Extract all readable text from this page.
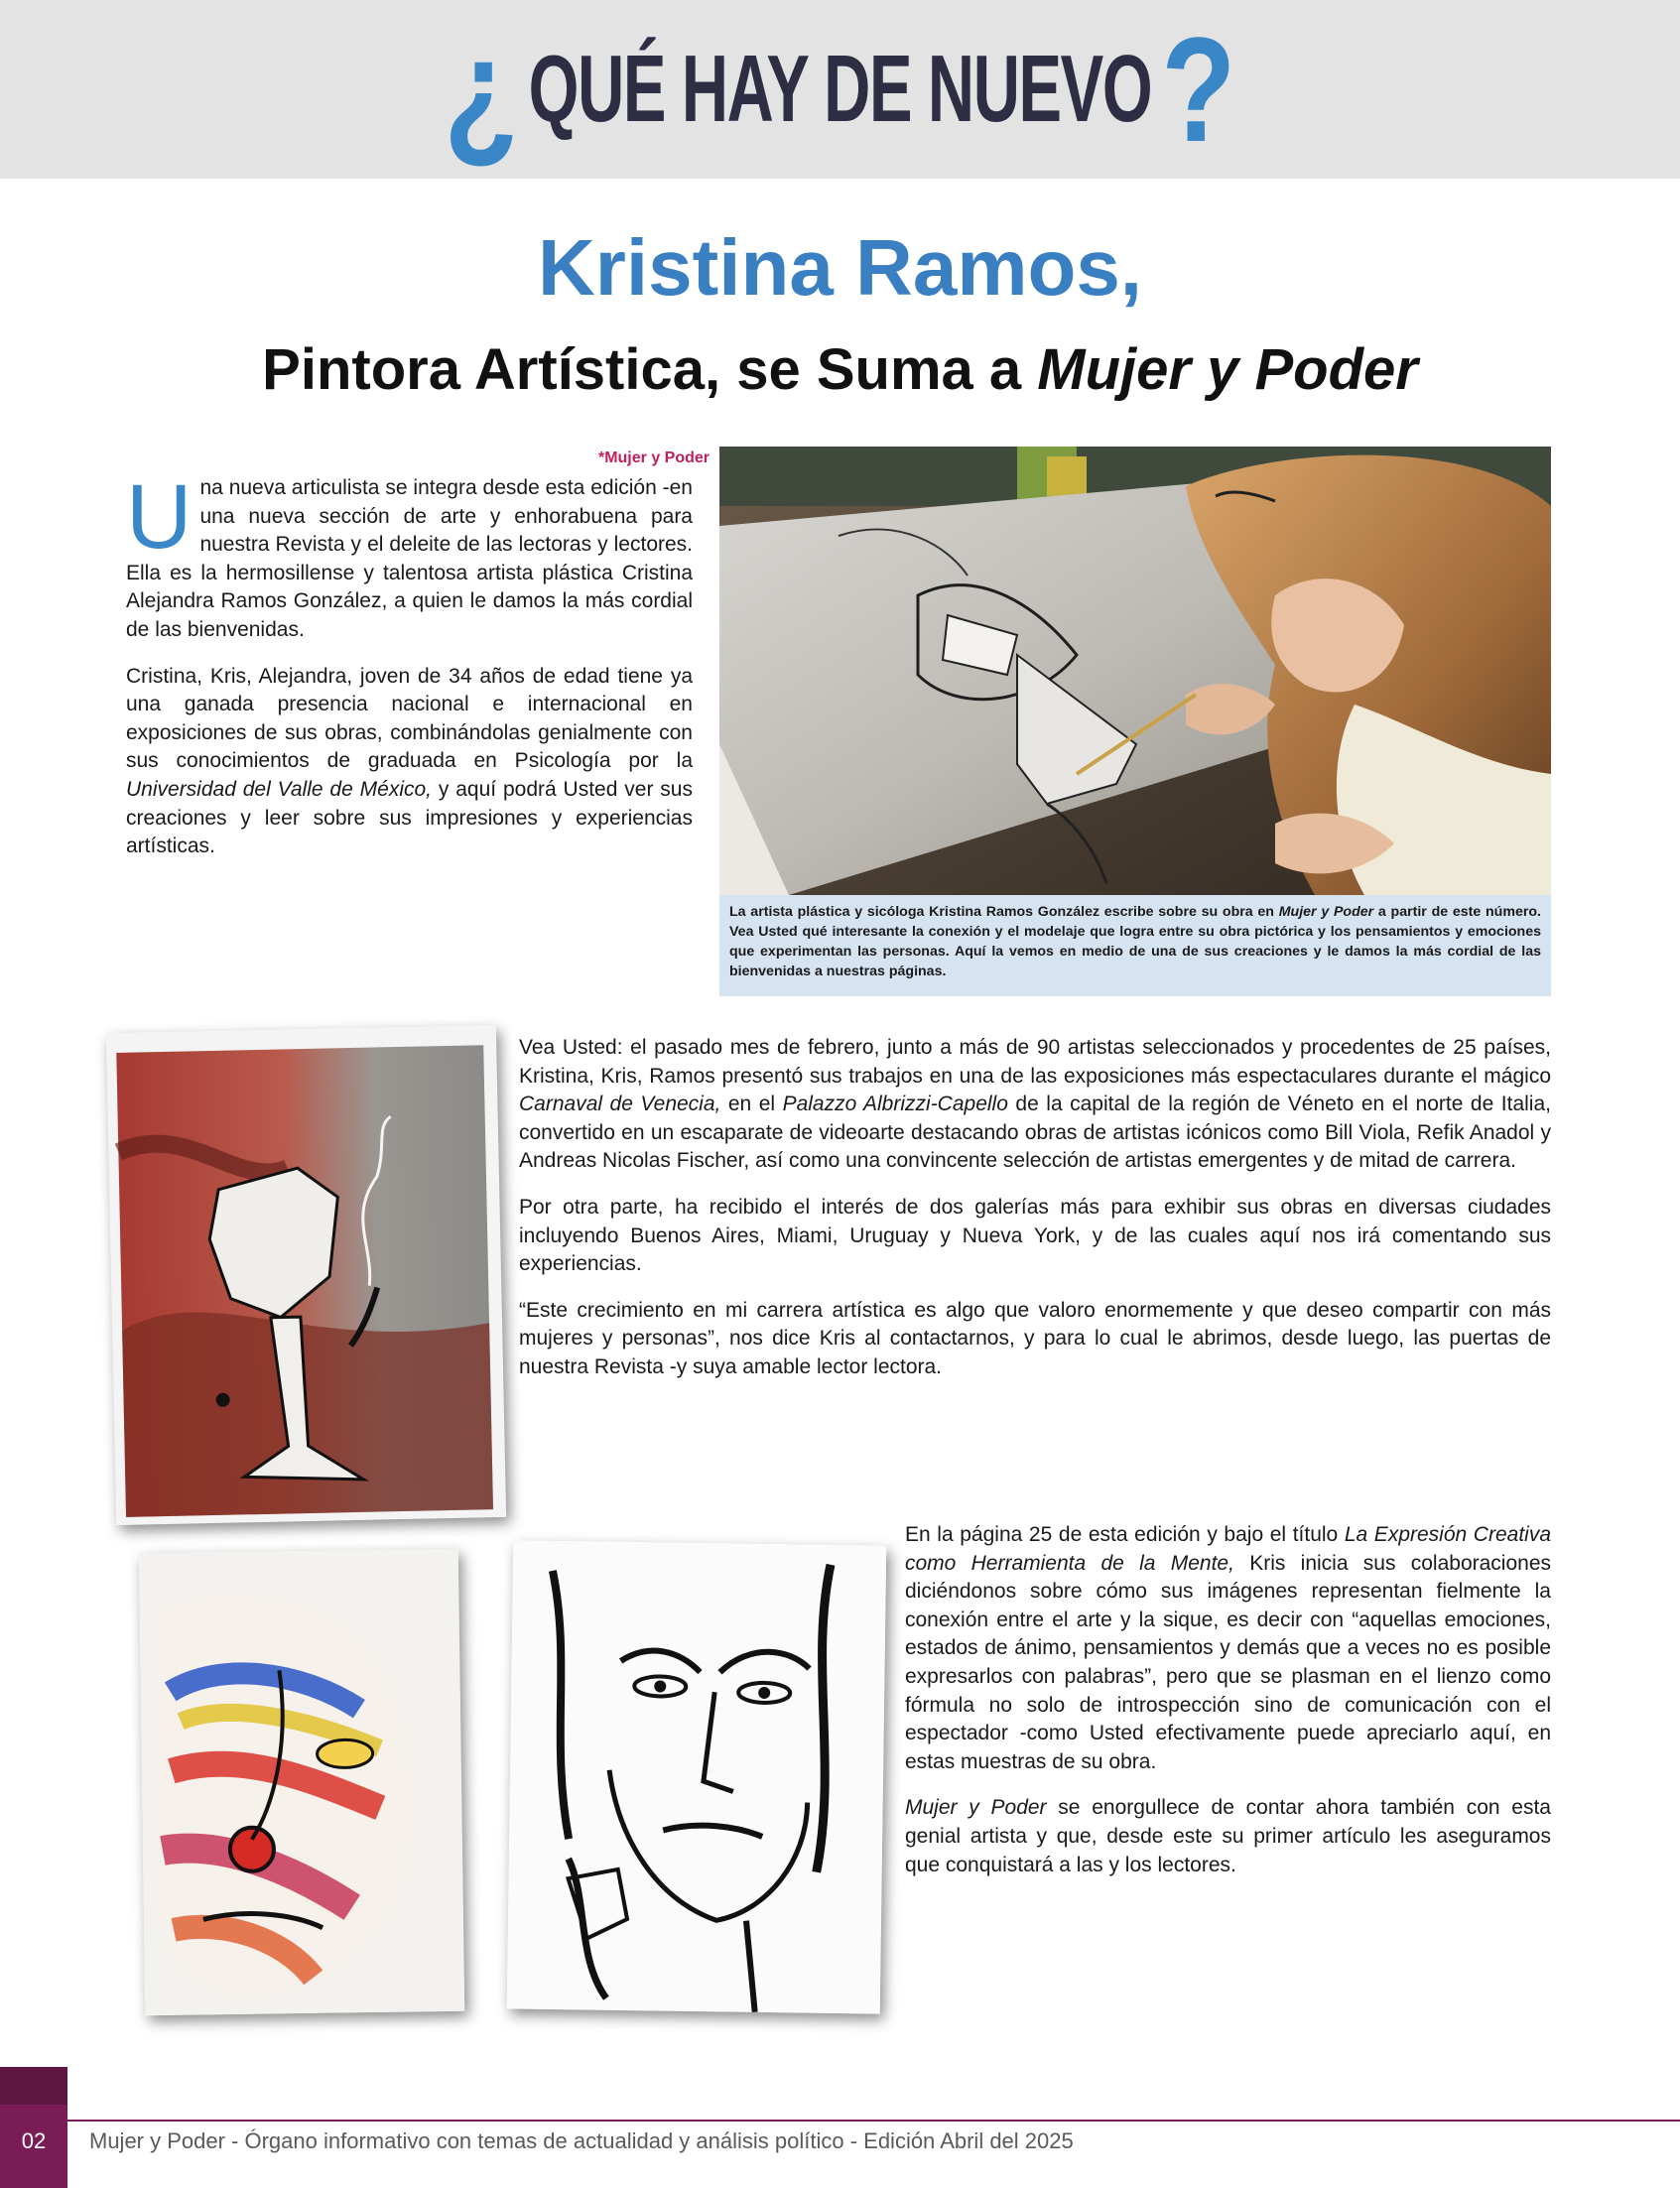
¿ QUÉ HAY DE NUEVO ?
Kristina Ramos,
Pintora Artística, se Suma a Mujer y Poder
*Mujer y Poder

Una nueva articulista se integra desde esta edición -en una nueva sección de arte y enhorabuena para nuestra Revista y el deleite de las lectoras y lectores. Ella es la hermosillense y talentosa artista plástica Cristina Alejandra Ramos González, a quien le damos la más cordial de las bienvenidas.

Cristina, Kris, Alejandra, joven de 34 años de edad tiene ya una ganada presencia nacional e internacional en exposiciones de sus obras, combinándolas genialmente con sus conocimientos de graduada en Psicología por la Universidad del Valle de México, y aquí podrá Usted ver sus creaciones y leer sobre sus impresiones y experiencias artísticas.

La artista plástica y sicóloga Kristina Ramos González escribe sobre su obra en Mujer y Poder a partir de este número. Vea Usted qué interesante la conexión y el modelaje que logra entre su obra pictórica y los pensamientos y emociones que experimentan las personas. Aquí la vemos en medio de una de sus creaciones y le damos la más cordial de las bienvenidas a nuestras páginas.

Vea Usted: el pasado mes de febrero, junto a más de 90 artistas seleccionados y procedentes de 25 países, Kristina, Kris, Ramos presentó sus trabajos en una de las exposiciones más espectaculares durante el mágico Carnaval de Venecia, en el Palazzo Albrizzi-Capello de la capital de la región de Véneto en el norte de Italia, convertido en un escaparate de videoarte destacando obras de artistas icónicos como Bill Viola, Refik Anadol y Andreas Nicolas Fischer, así como una convincente selección de artistas emergentes y de mitad de carrera.

Por otra parte, ha recibido el interés de dos galerías más para exhibir sus obras en diversas ciudades incluyendo Buenos Aires, Miami, Uruguay y Nueva York, y de las cuales aquí nos irá comentando sus experiencias.

“Este crecimiento en mi carrera artística es algo que valoro enormemente y que deseo compartir con más mujeres y personas”, nos dice Kris al contactarnos, y para lo cual le abrimos, desde luego, las puertas de nuestra Revista -y suya amable lector lectora.

En la página 25 de esta edición y bajo el título La Expresión Creativa como Herramienta de la Mente, Kris inicia sus colaboraciones diciéndonos sobre cómo sus imágenes representan fielmente la conexión entre el arte y la sique, es decir con “aquellas emociones, estados de ánimo, pensamientos y demás que a veces no es posible expresarlos con palabras”, pero que se plasman en el lienzo como fórmula no solo de introspección sino de comunicación con el espectador -como Usted efectivamente puede apreciarlo aquí, en estas muestras de su obra.

Mujer y Poder se enorgullece de contar ahora también con esta genial artista y que, desde este su primer artículo les aseguramos que conquistará a las y los lectores.

02	Mujer y Poder - Órgano informativo con temas de actualidad y análisis político - Edición Abril del 2025
